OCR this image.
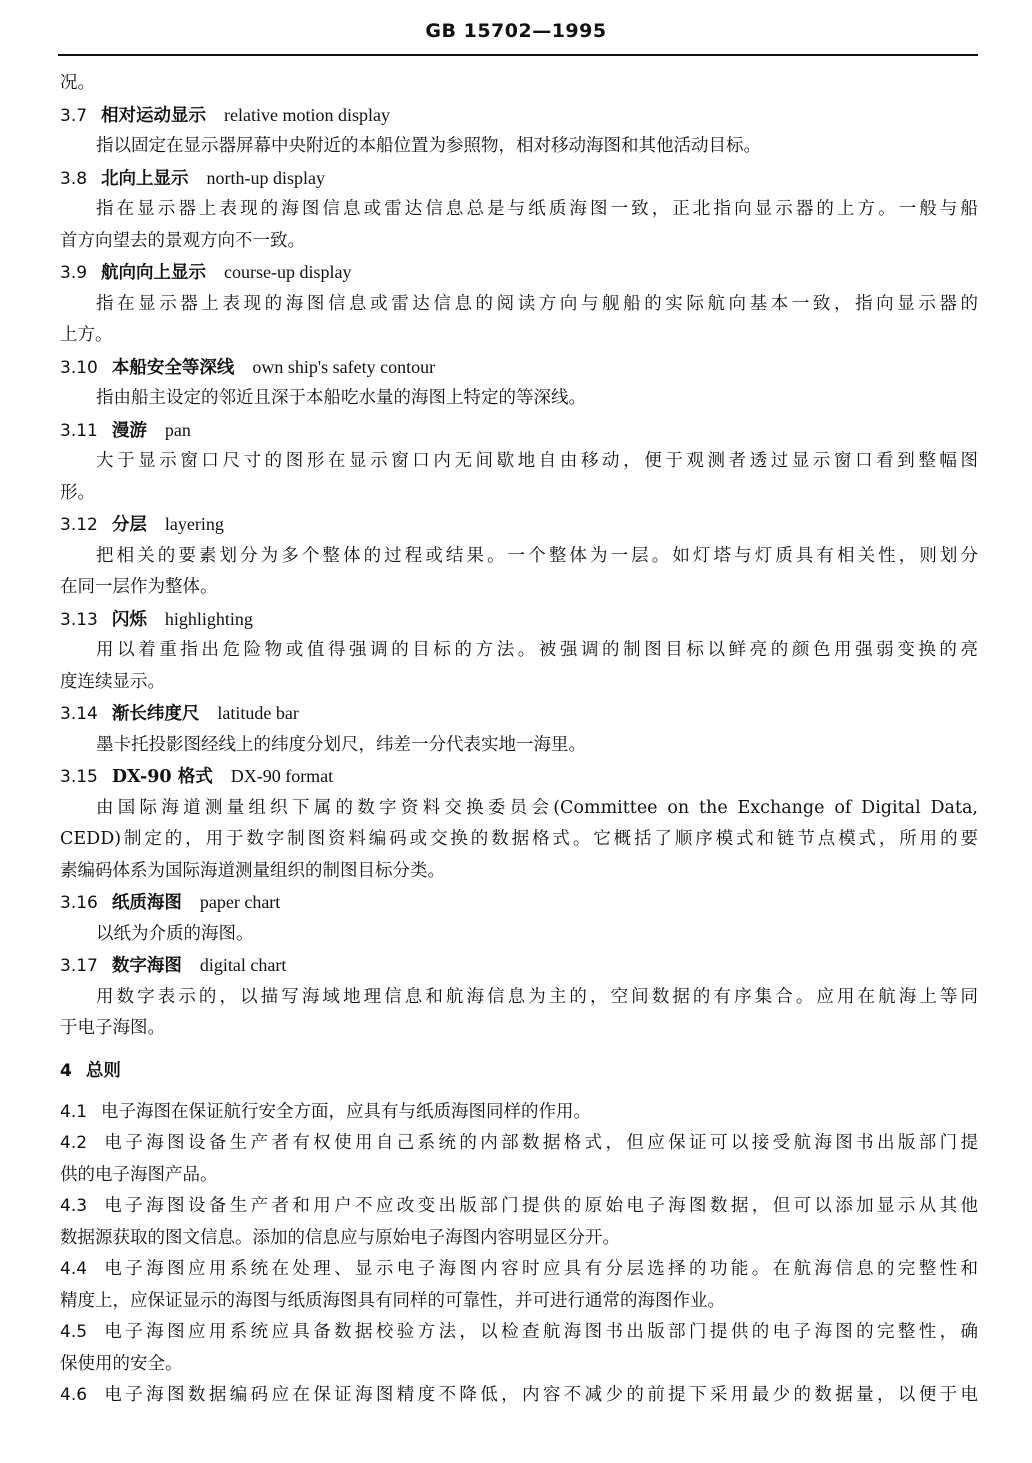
GB 15702—1995
况。
3.7 相对运动显示 relative motion display
指以固定在显示器屏幕中央附近的本船位置为参照物，相对移动海图和其他活动目标。
3.8 北向上显示 north-up display
指在显示器上表现的海图信息或雷达信息总是与纸质海图一致，正北指向显示器的上方。一般与船
首方向望去的景观方向不一致。
3.9 航向向上显示 course-up display
指在显示器上表现的海图信息或雷达信息的阅读方向与舰船的实际航向基本一致，指向显示器的
上方。
3.10 本船安全等深线 own ship's safety contour
指由船主设定的邻近且深于本船吃水量的海图上特定的等深线。
3.11 漫游 pan
大于显示窗口尺寸的图形在显示窗口内无间歇地自由移动，便于观测者透过显示窗口看到整幅图
形。
3.12 分层 layering
把相关的要素划分为多个整体的过程或结果。一个整体为一层。如灯塔与灯质具有相关性，则划分
在同一层作为整体。
3.13 闪烁 highlighting
用以着重指出危险物或值得强调的目标的方法。被强调的制图目标以鲜亮的颜色用强弱变换的亮
度连续显示。
3.14 渐长纬度尺 latitude bar
墨卡托投影图经线上的纬度分划尺，纬差一分代表实地一海里。
3.15 DX-90 格式 DX-90 format
由国际海道测量组织下属的数字资料交换委员会(Committee on the Exchange of Digital Data,
CEDD)制定的，用于数字制图资料编码或交换的数据格式。它概括了顺序模式和链节点模式，所用的要
素编码体系为国际海道测量组织的制图目标分类。
3.16 纸质海图 paper chart
以纸为介质的海图。
3.17 数字海图 digital chart
用数字表示的，以描写海域地理信息和航海信息为主的，空间数据的有序集合。应用在航海上等同
于电子海图。
4 总则
4.1 电子海图在保证航行安全方面，应具有与纸质海图同样的作用。
4.2 电子海图设备生产者有权使用自己系统的内部数据格式，但应保证可以接受航海图书出版部门提
供的电子海图产品。
4.3 电子海图设备生产者和用户不应改变出版部门提供的原始电子海图数据，但可以添加显示从其他
数据源获取的图文信息。添加的信息应与原始电子海图内容明显区分开。
4.4 电子海图应用系统在处理、显示电子海图内容时应具有分层选择的功能。在航海信息的完整性和
精度上，应保证显示的海图与纸质海图具有同样的可靠性，并可进行通常的海图作业。
4.5 电子海图应用系统应具备数据校验方法，以检查航海图书出版部门提供的电子海图的完整性，确
保使用的安全。
4.6 电子海图数据编码应在保证海图精度不降低，内容不减少的前提下采用最少的数据量，以便于电
